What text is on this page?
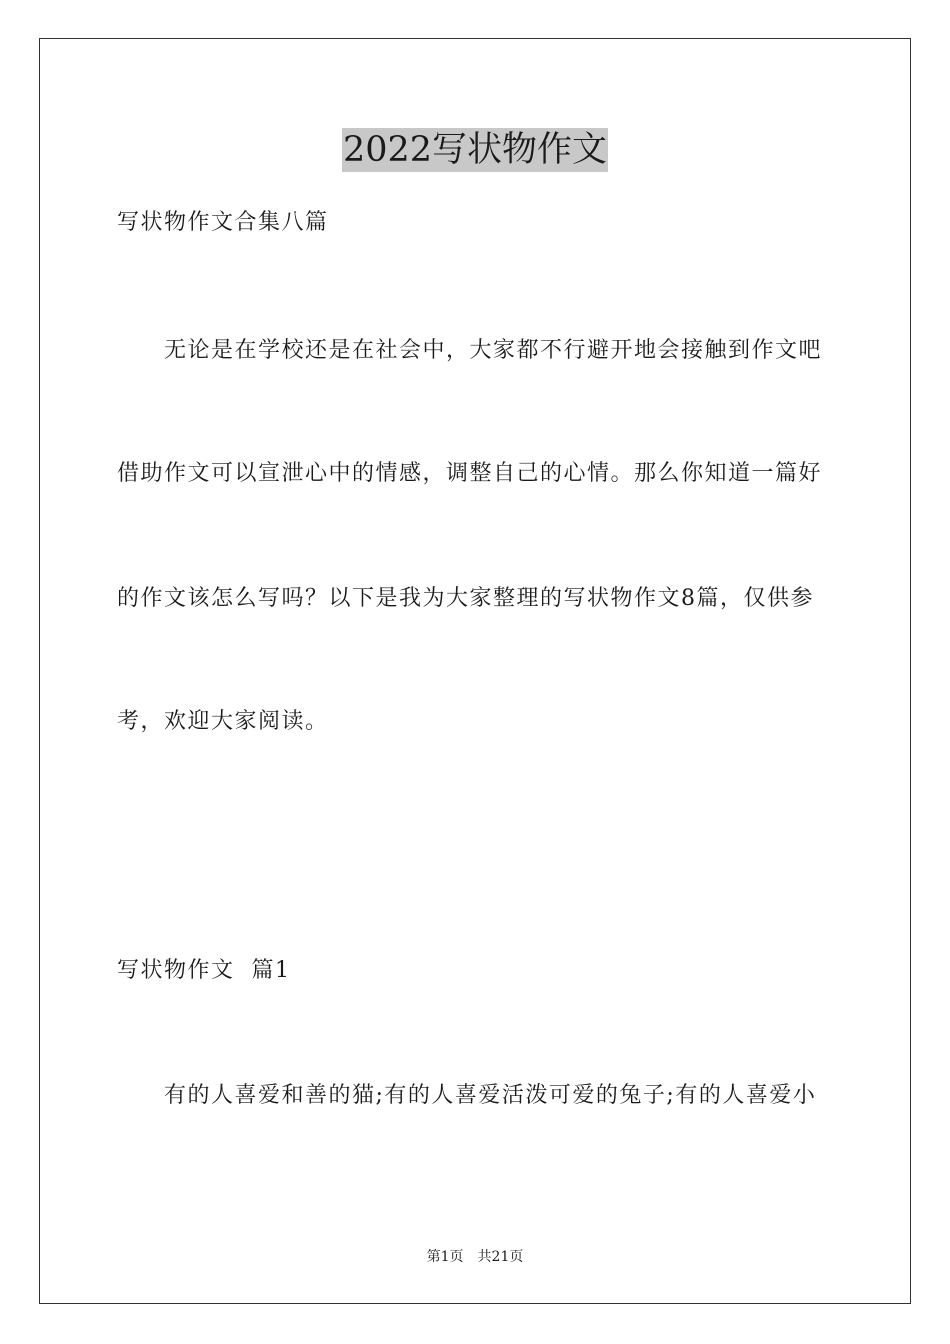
2022写状物作文
写状物作文合集八篇
无论是在学校还是在社会中，大家都不行避开地会接触到作文吧
借助作文可以宣泄心中的情感，调整自己的心情。那么你知道一篇好
的作文该怎么写吗？以下是我为大家整理的写状物作文8篇，仅供参
考，欢迎大家阅读。
写状物作文  篇1
有的人喜爱和善的猫;有的人喜爱活泼可爱的兔子;有的人喜爱小
第1页 共21页
